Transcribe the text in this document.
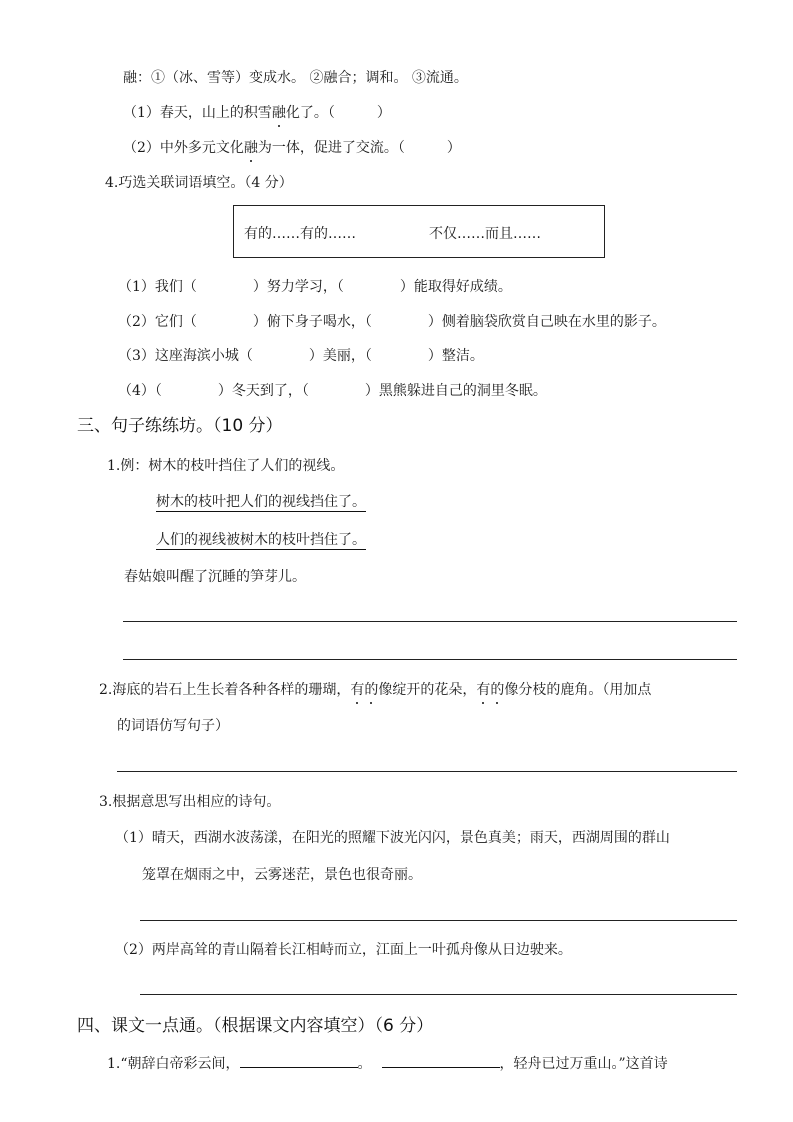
融：①（冰、雪等）变成水。 ②融合；调和。 ③流通。
（1）春天，山上的积雪融化了。（　　　）
（2）中外多元文化融为一体，促进了交流。（　　　）
4.巧选关联词语填空。（4 分）
有的……有的……	不仅……而且……
（1）我们（　　　　）努力学习，（　　　　）能取得好成绩。
（2）它们（　　　　）俯下身子喝水，（　　　　）侧着脑袋欣赏自己映在水里的影子。
（3）这座海滨小城（　　　　）美丽，（　　　　）整洁。
（4）（　　　　）冬天到了，（　　　　）黑熊躲进自己的洞里冬眠。
三、句子练练坊。（10 分）
1.例：树木的枝叶挡住了人们的视线。
树木的枝叶把人们的视线挡住了。
人们的视线被树木的枝叶挡住了。
春姑娘叫醒了沉睡的笋芽儿。
2.海底的岩石上生长着各种各样的珊瑚，有的像绽开的花朵，有的像分枝的鹿角。（用加点
的词语仿写句子）
3.根据意思写出相应的诗句。
（1）晴天，西湖水波荡漾，在阳光的照耀下波光闪闪，景色真美；雨天，西湖周围的群山
笼罩在烟雨之中，云雾迷茫，景色也很奇丽。
（2）两岸高耸的青山隔着长江相峙而立，江面上一叶孤舟像从日边驶来。
四、课文一点通。（根据课文内容填空）（6 分）
1.“朝辞白帝彩云间，	。	，轻舟已过万重山。”这首诗
